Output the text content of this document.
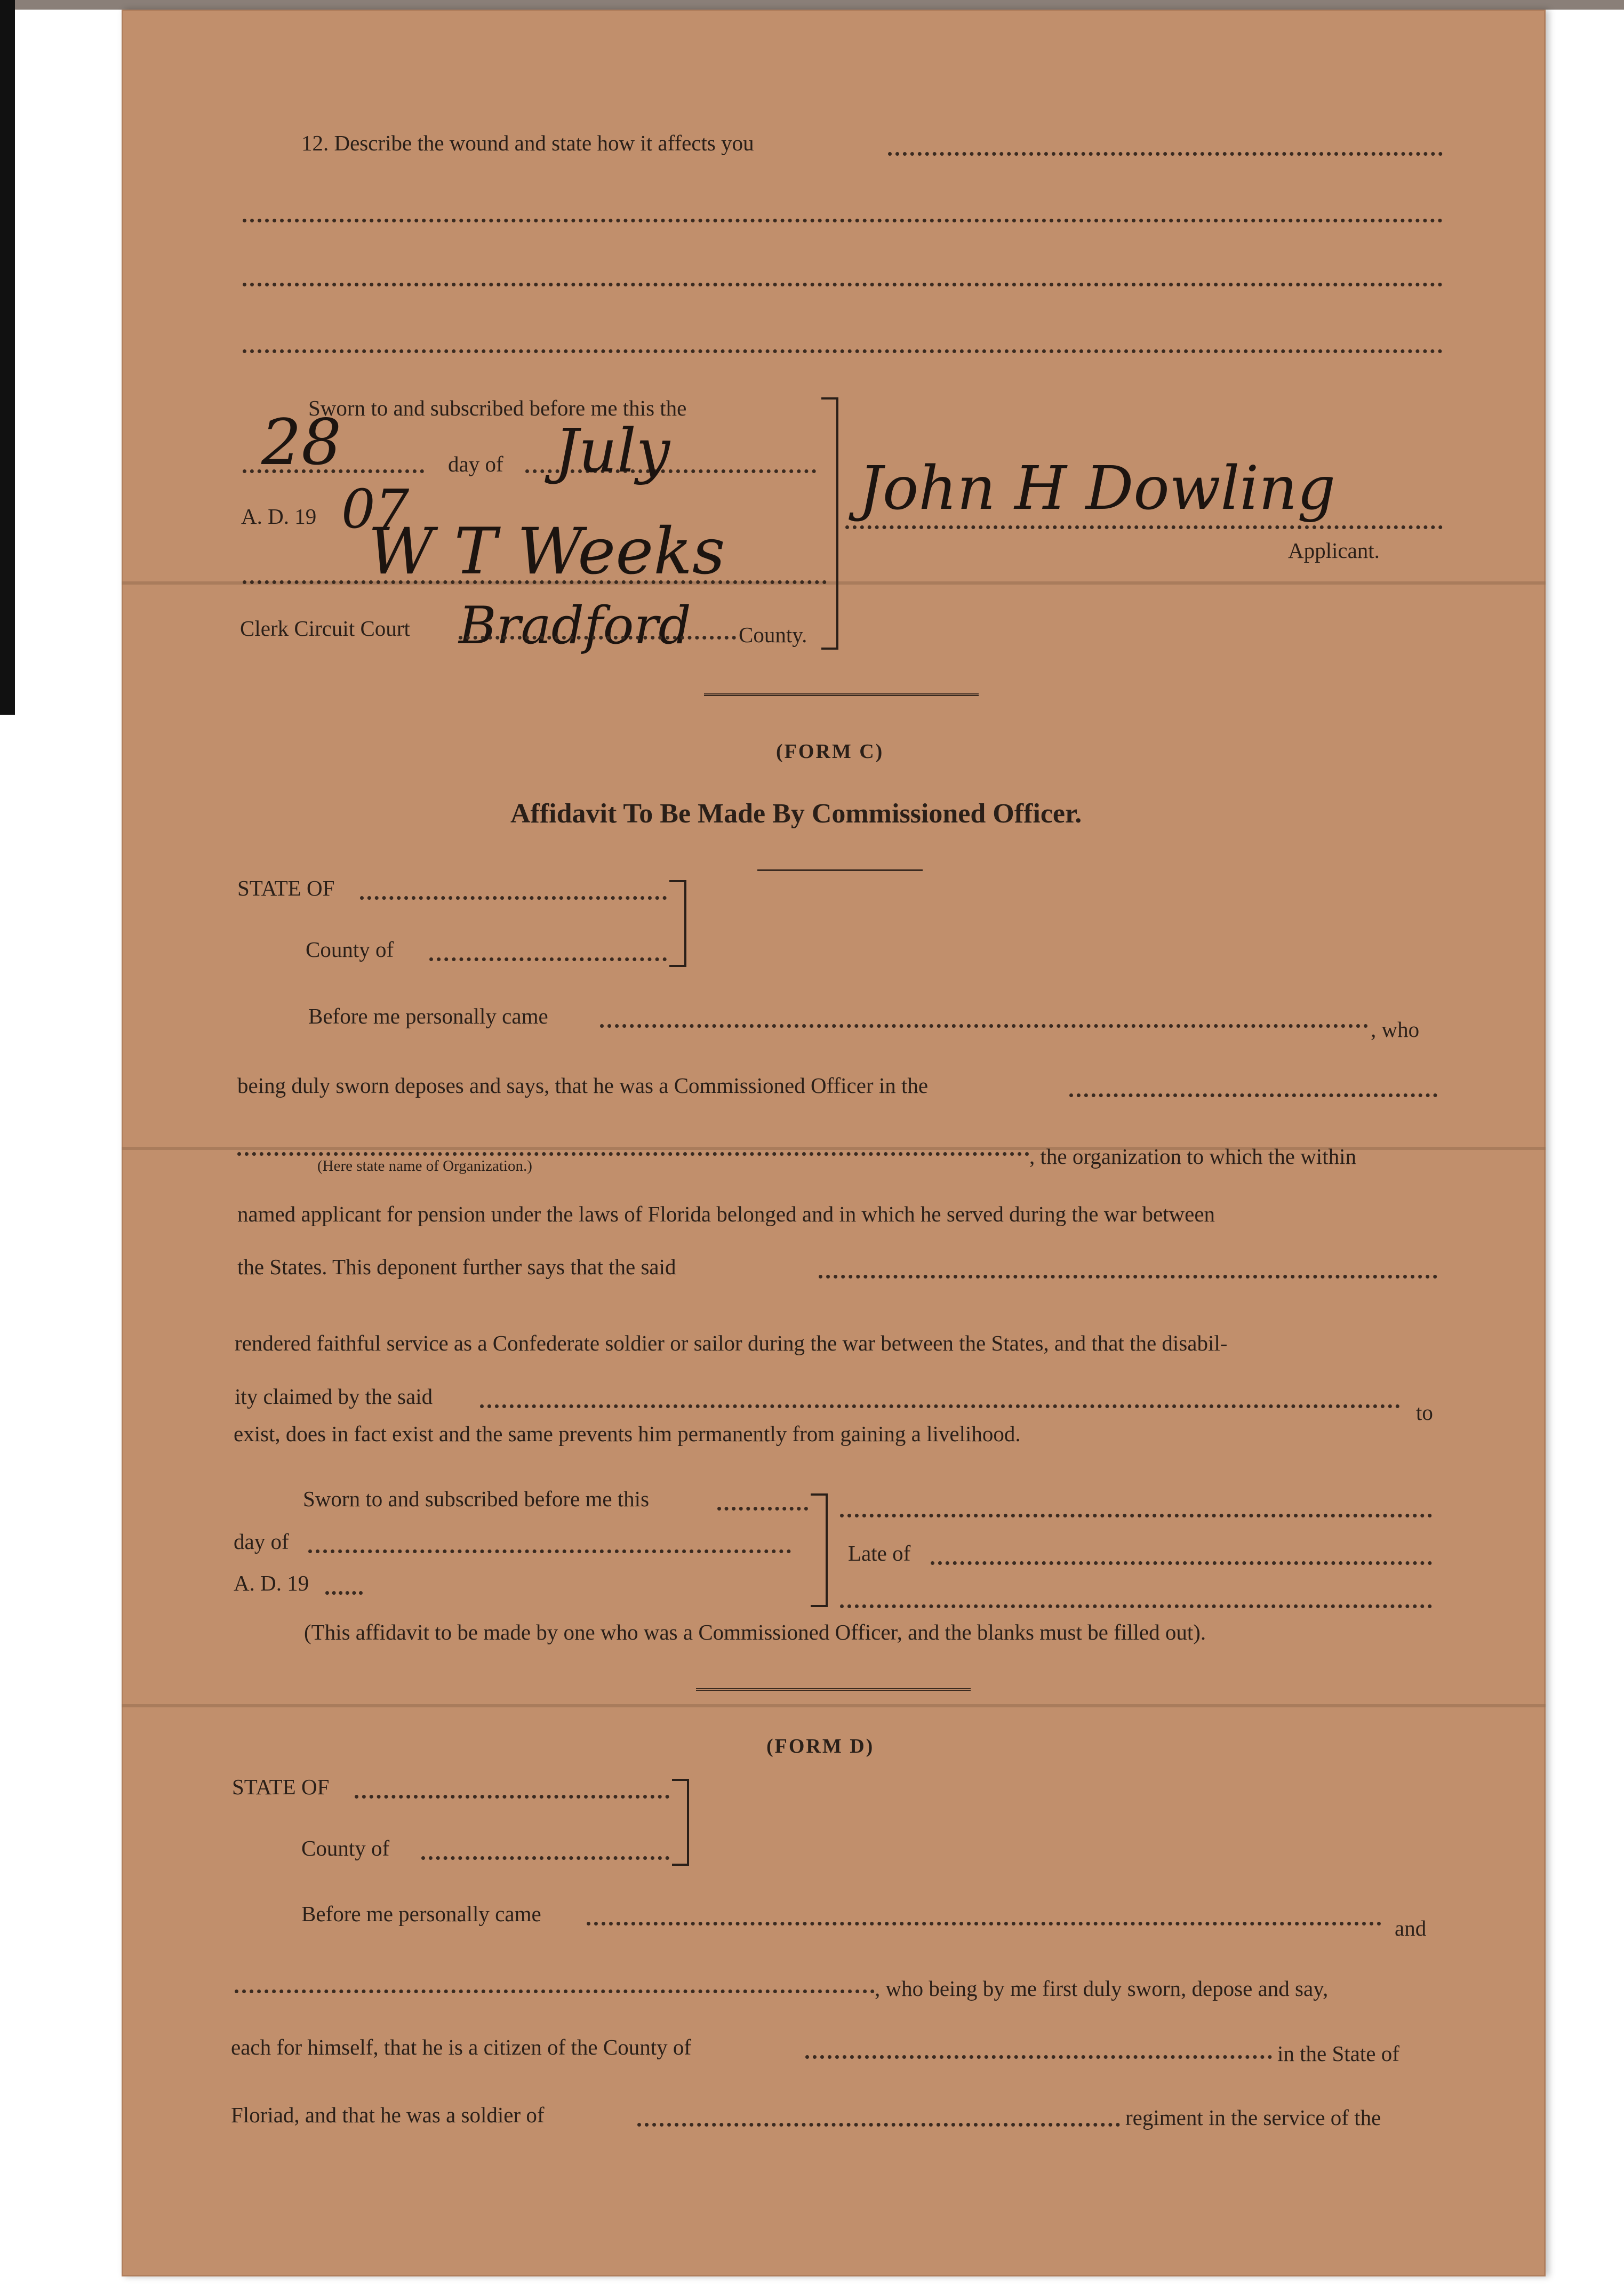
12. Describe the wound and state how it affects you
Sworn to and subscribed before me this the
28	day of July
A. D. 19 07
W T Weeks
Clerk Circuit Court Bradford County.
John H Dowling
Applicant.
(FORM C)
Affidavit To Be Made By Commissioned Officer.
STATE OF
County of
Before me personally came
, who
being duly sworn deposes and says, that he was a Commissioned Officer in the
(Here state name of Organization.)	, the organization to which the within
named applicant for pension under the laws of Florida belonged and in which he served during the war between
the States. This deponent further says that the said
rendered faithful service as a Confederate soldier or sailor during the war between the States, and that the disabil-
ity claimed by the said
to
exist, does in fact exist and the same prevents him permanently from gaining a livelihood.
Sworn to and subscribed before me this
day of
A. D. 19
Late of
(This affidavit to be made by one who was a Commissioned Officer, and the blanks must be filled out).
(FORM D)
STATE OF
County of
Before me personally came
and
, who being by me first duly sworn, depose and say,
each for himself, that he is a citizen of the County of	in the State of
Floriad, and that he was a soldier of	regiment in the service of the
